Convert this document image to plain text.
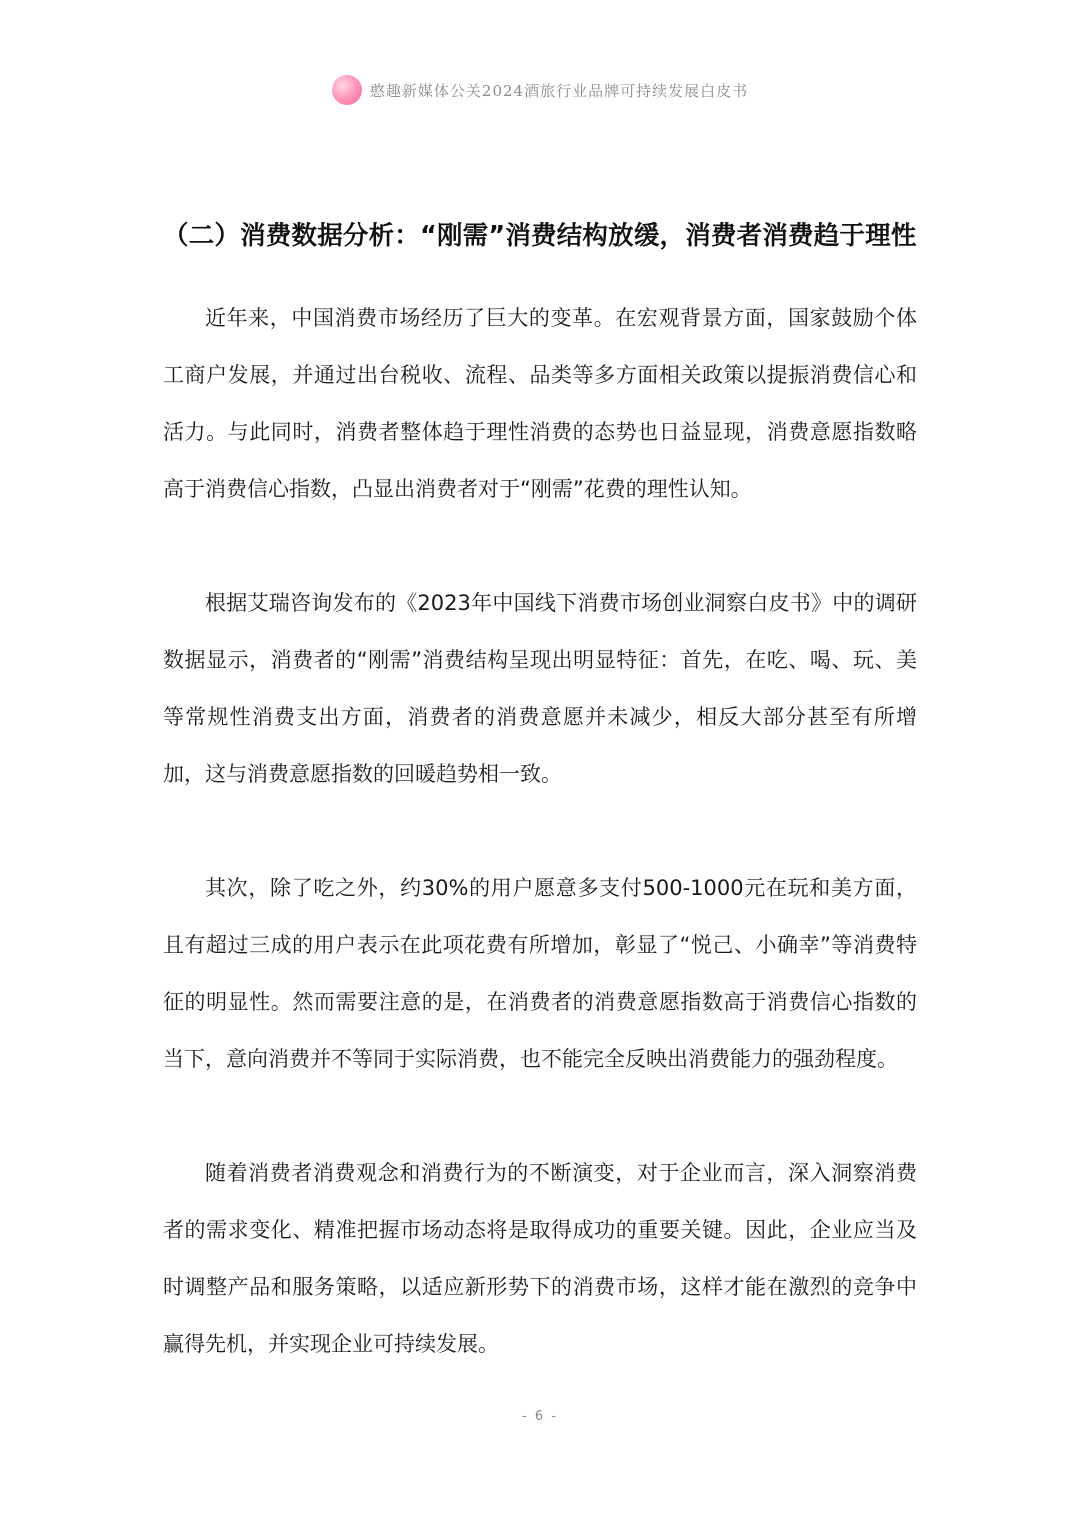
憨趣新媒体公关2024酒旅行业品牌可持续发展白皮书
（二）消费数据分析：“刚需”消费结构放缓，消费者消费趋于理性

近年来，中国消费市场经历了巨大的变革。在宏观背景方面，国家鼓励个体工商户发展，并通过出台税收、流程、品类等多方面相关政策以提振消费信心和活力。与此同时，消费者整体趋于理性消费的态势也日益显现，消费意愿指数略高于消费信心指数，凸显出消费者对于“刚需”花费的理性认知。

根据艾瑞咨询发布的《2023年中国线下消费市场创业洞察白皮书》中的调研数据显示，消费者的“刚需”消费结构呈现出明显特征：首先，在吃、喝、玩、美等常规性消费支出方面，消费者的消费意愿并未减少，相反大部分甚至有所增加，这与消费意愿指数的回暖趋势相一致。

其次，除了吃之外，约30%的用户愿意多支付500-1000元在玩和美方面，且有超过三成的用户表示在此项花费有所增加，彰显了“悦己、小确幸”等消费特征的明显性。然而需要注意的是，在消费者的消费意愿指数高于消费信心指数的当下，意向消费并不等同于实际消费，也不能完全反映出消费能力的强劲程度。

随着消费者消费观念和消费行为的不断演变，对于企业而言，深入洞察消费者的需求变化、精准把握市场动态将是取得成功的重要关键。因此，企业应当及时调整产品和服务策略，以适应新形势下的消费市场，这样才能在激烈的竞争中赢得先机，并实现企业可持续发展。

- 6 -
